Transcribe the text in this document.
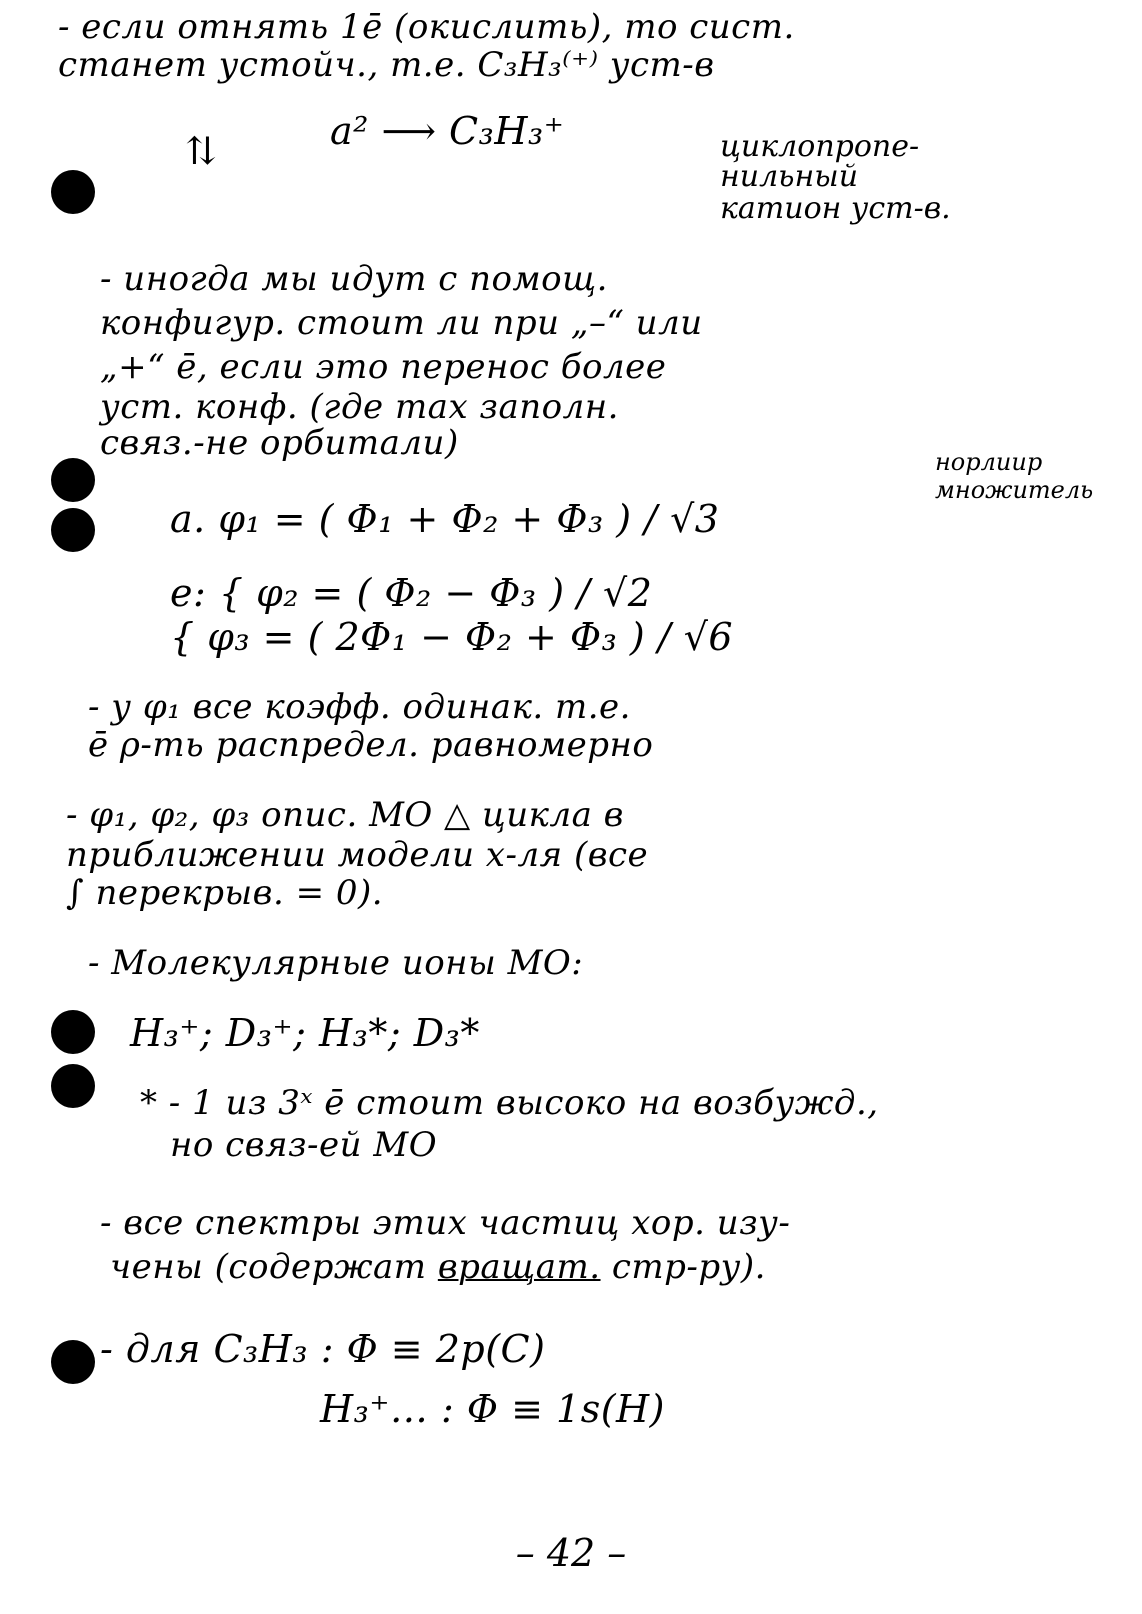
- если отнять 1ē (окислить), то сист.
станет устойч., т.е. C₃H₃⁽⁺⁾ уст-в
⇅	a² ⟶ C₃H₃⁺	циклопропе-
нильный
катион уст-в.
- иногда мы идут с помощ.
конфигур. стоит ли при „–“ или
„+“ ē, если это перенос более
уст. конф. (где max заполн.
связ.-не орбитали)
a. φ₁ = ( Φ₁ + Φ₂ + Φ₃ ) / √3
норлиир
множитель
e: { φ₂ = ( Φ₂ − Φ₃ ) / √2
{ φ₃ = ( 2Φ₁ − Φ₂ + Φ₃ ) / √6
- у φ₁ все коэфф. одинак. т.е.
ē ρ-ть распредел. равномерно
- φ₁, φ₂, φ₃ опис. МО △ цикла в
приближении модели х-ля (все
∫ перекрыв. = 0).
- Молекулярные ионы МО:
H₃⁺; D₃⁺; H₃*; D₃*
* - 1 из 3ˣ ē стоит высоко на возбужд.,
но связ-ей МО
- все спектры этих частиц хор. изу-
чены (содержат вращат. стр-ру).
- для C₃H₃ : Φ ≡ 2p(C)
H₃⁺… : Φ ≡ 1s(H)
– 42 –
